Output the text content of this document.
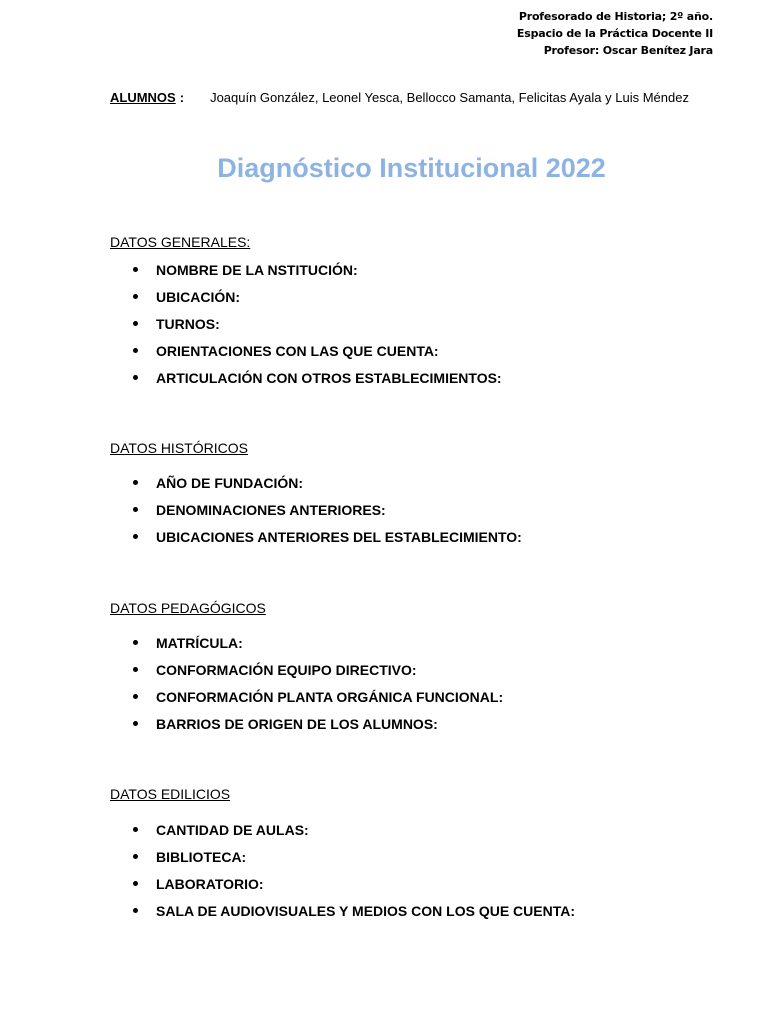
Profesorado de Historia; 2º año.
Espacio de la Práctica Docente II
Profesor: Oscar Benítez Jara
ALUMNOS : Joaquín González, Leonel Yesca, Bellocco Samanta, Felicitas Ayala y Luis Méndez
Diagnóstico Institucional 2022
DATOS GENERALES:
NOMBRE DE LA NSTITUCIÓN:
UBICACIÓN:
TURNOS:
ORIENTACIONES CON LAS QUE CUENTA:
ARTICULACIÓN CON OTROS ESTABLECIMIENTOS:
DATOS HISTÓRICOS
AÑO DE FUNDACIÓN:
DENOMINACIONES ANTERIORES:
UBICACIONES ANTERIORES DEL ESTABLECIMIENTO:
DATOS PEDAGÓGICOS
MATRÍCULA:
CONFORMACIÓN EQUIPO DIRECTIVO:
CONFORMACIÓN PLANTA ORGÁNICA FUNCIONAL:
BARRIOS DE ORIGEN DE LOS ALUMNOS:
DATOS EDILICIOS
CANTIDAD DE AULAS:
BIBLIOTECA:
LABORATORIO:
SALA DE AUDIOVISUALES Y MEDIOS CON LOS QUE CUENTA:
